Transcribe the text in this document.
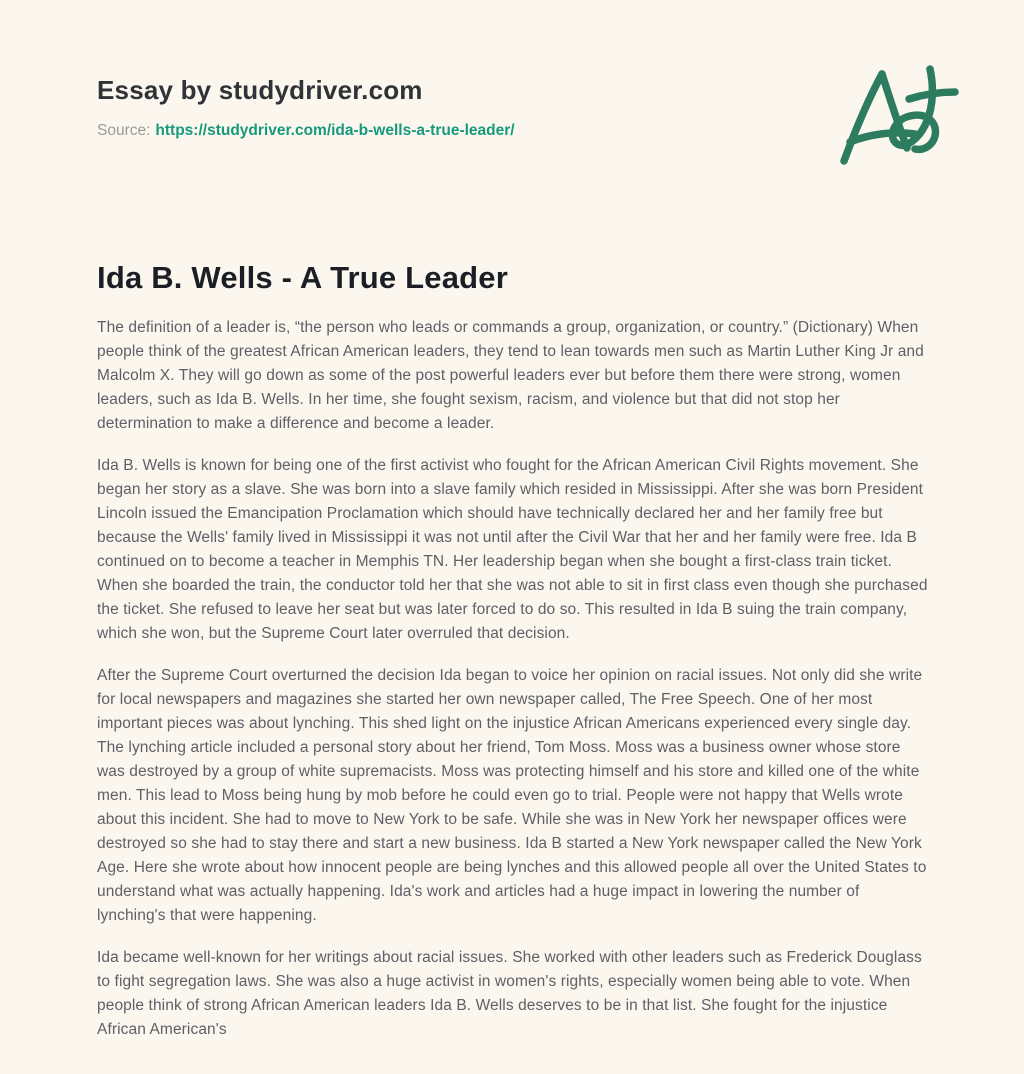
Essay by studydriver.com

Source: https://studydriver.com/ida-b-wells-a-true-leader/

Ida B. Wells - A True Leader

The definition of a leader is, “the person who leads or commands a group, organization, or country.” (Dictionary) When people think of the greatest African American leaders, they tend to lean towards men such as Martin Luther King Jr and Malcolm X. They will go down as some of the post powerful leaders ever but before them there were strong, women leaders, such as Ida B. Wells. In her time, she fought sexism, racism, and violence but that did not stop her determination to make a difference and become a leader.

Ida B. Wells is known for being one of the first activist who fought for the African American Civil Rights movement. She began her story as a slave. She was born into a slave family which resided in Mississippi. After she was born President Lincoln issued the Emancipation Proclamation which should have technically declared her and her family free but because the Wells' family lived in Mississippi it was not until after the Civil War that her and her family were free. Ida B continued on to become a teacher in Memphis TN. Her leadership began when she bought a first-class train ticket. When she boarded the train, the conductor told her that she was not able to sit in first class even though she purchased the ticket. She refused to leave her seat but was later forced to do so. This resulted in Ida B suing the train company, which she won, but the Supreme Court later overruled that decision.

After the Supreme Court overturned the decision Ida began to voice her opinion on racial issues. Not only did she write for local newspapers and magazines she started her own newspaper called, The Free Speech. One of her most important pieces was about lynching. This shed light on the injustice African Americans experienced every single day. The lynching article included a personal story about her friend, Tom Moss. Moss was a business owner whose store was destroyed by a group of white supremacists. Moss was protecting himself and his store and killed one of the white men. This lead to Moss being hung by mob before he could even go to trial. People were not happy that Wells wrote about this incident. She had to move to New York to be safe. While she was in New York her newspaper offices were destroyed so she had to stay there and start a new business. Ida B started a New York newspaper called the New York Age. Here she wrote about how innocent people are being lynches and this allowed people all over the United States to understand what was actually happening. Ida's work and articles had a huge impact in lowering the number of lynching's that were happening.

Ida became well-known for her writings about racial issues. She worked with other leaders such as Frederick Douglass to fight segregation laws. She was also a huge activist in women's rights, especially women being able to vote. When people think of strong African American leaders Ida B. Wells deserves to be in that list. She fought for the injustice African American's
